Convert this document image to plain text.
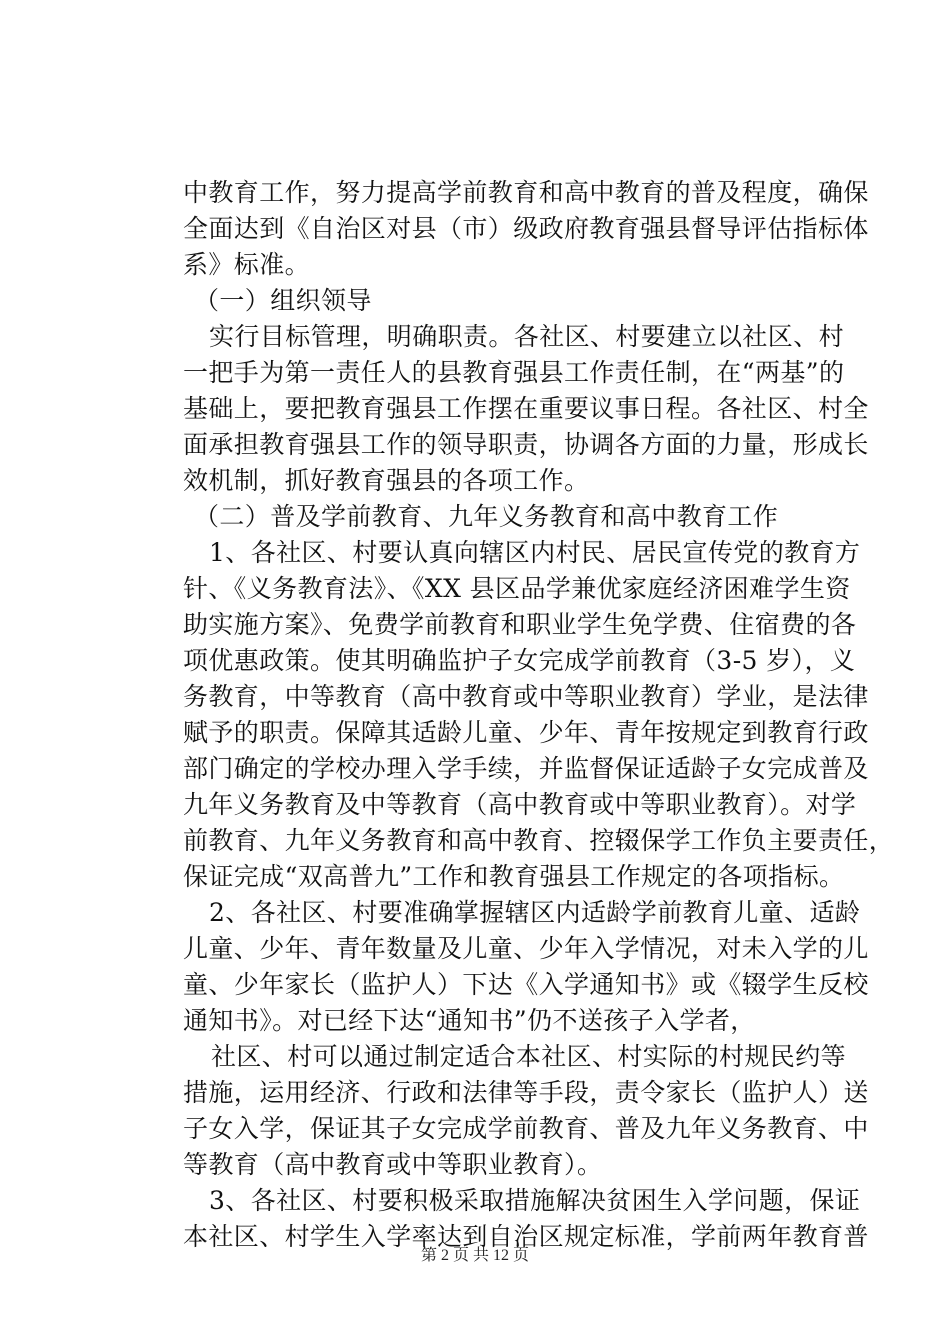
中教育工作，努力提高学前教育和高中教育的普及程度，确保
全面达到《自治区对县（市）级政府教育强县督导评估指标体
系》标准。
（一）组织领导
实行目标管理，明确职责。各社区、村要建立以社区、村
一把手为第一责任人的县教育强县工作责任制，在“两基”的
基础上，要把教育强县工作摆在重要议事日程。各社区、村全
面承担教育强县工作的领导职责，协调各方面的力量，形成长
效机制，抓好教育强县的各项工作。
（二）普及学前教育、九年义务教育和高中教育工作
1、各社区、村要认真向辖区内村民、居民宣传党的教育方
针、《义务教育法》、《XX 县区品学兼优家庭经济困难学生资
助实施方案》、免费学前教育和职业学生免学费、住宿费的各
项优惠政策。使其明确监护子女完成学前教育（3-5 岁），义
务教育，中等教育（高中教育或中等职业教育）学业，是法律
赋予的职责。保障其适龄儿童、少年、青年按规定到教育行政
部门确定的学校办理入学手续，并监督保证适龄子女完成普及
九年义务教育及中等教育（高中教育或中等职业教育）。对学
前教育、九年义务教育和高中教育、控辍保学工作负主要责任，
保证完成“双高普九”工作和教育强县工作规定的各项指标。
2、各社区、村要准确掌握辖区内适龄学前教育儿童、适龄
儿童、少年、青年数量及儿童、少年入学情况，对未入学的儿
童、少年家长（监护人）下达《入学通知书》或《辍学生反校
通知书》。对已经下达“通知书”仍不送孩子入学者，
社区、村可以通过制定适合本社区、村实际的村规民约等
措施，运用经济、行政和法律等手段，责令家长（监护人）送
子女入学，保证其子女完成学前教育、普及九年义务教育、中
等教育（高中教育或中等职业教育）。
3、各社区、村要积极采取措施解决贫困生入学问题，保证
本社区、村学生入学率达到自治区规定标准，学前两年教育普
第 2 页 共 12 页
